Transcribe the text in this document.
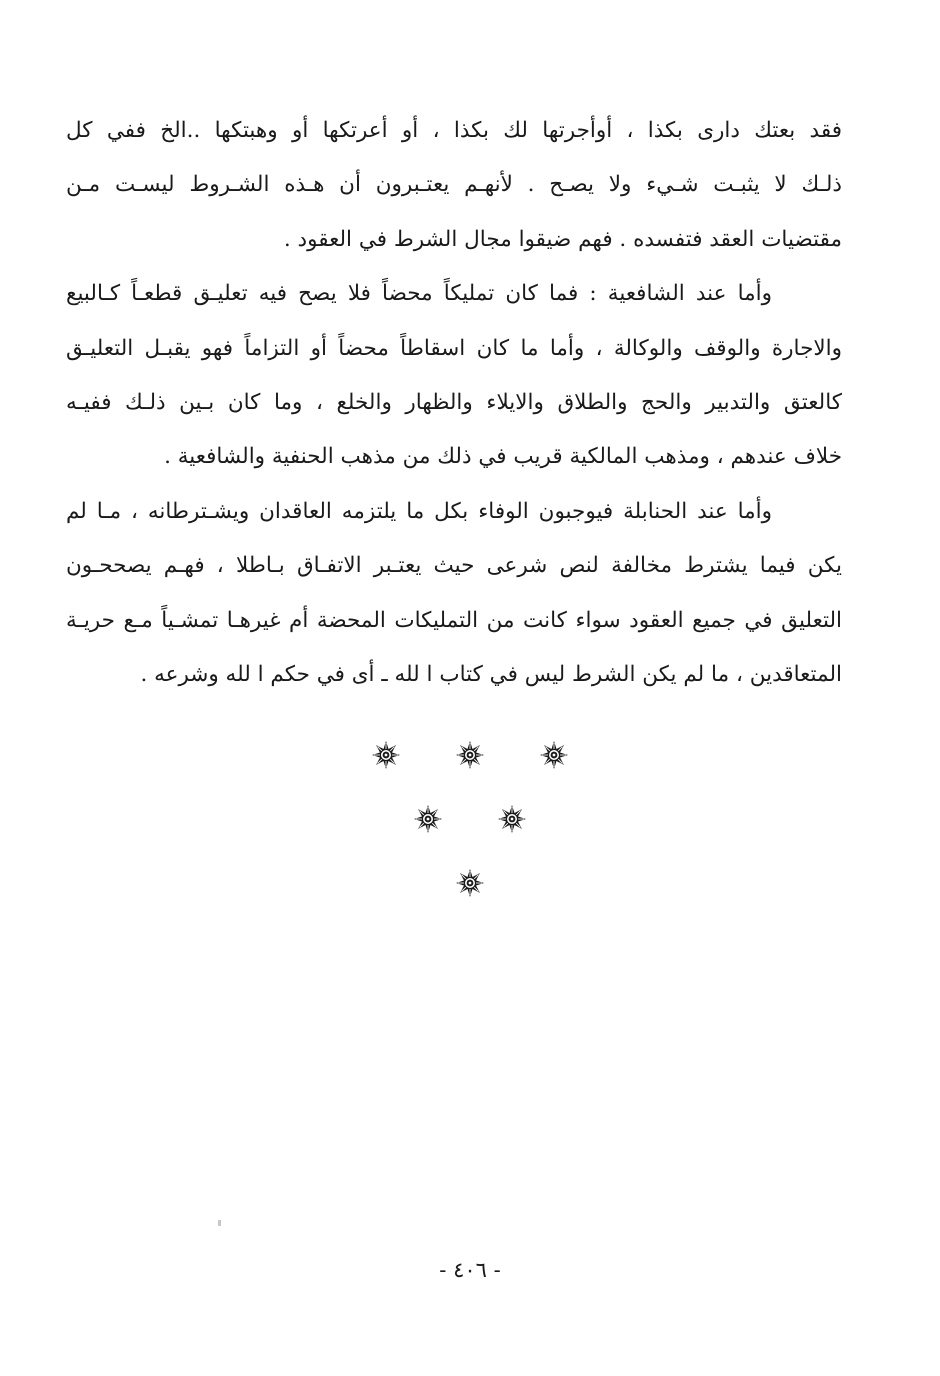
فقد بعتك دارى بكذا ، أوأجرتها لك بكذا ، أو أعرتكها أو وهبتكها ..الخ ففي كل
ذلـك لا يثبـت شـيء ولا يصـح . لأنهـم يعتـبرون أن هـذه الشـروط ليسـت مـن
مقتضيات العقد فتفسده . فهم ضيقوا مجال الشرط في العقود .
وأما عند الشافعية : فما كان تمليكاً محضاً فلا يصح فيه تعليـق قطعـاً كـالبيع
والاجارة والوقف والوكالة ، وأما ما كان اسقاطاً محضاً أو التزاماً فهو يقبـل التعليـق
كالعتق والتدبير والحج والطلاق والايلاء والظهار والخلع ، وما كان بـين ذلـك ففيـه
خلاف عندهم ، ومذهب المالكية قريب في ذلك من مذهب الحنفية والشافعية .
وأما عند الحنابلة فيوجبون الوفاء بكل ما يلتزمه العاقدان ويشـترطانه ، مـا لم
يكن فيما يشترط مخالفة لنص شرعى حيث يعتـبر الاتفـاق بـاطلا ، فهـم يصححـون
التعليق في جميع العقود سواء كانت من التمليكات المحضة أم غيرهـا تمشـياً مـع حريـة
المتعاقدين ، ما لم يكن الشرط ليس في كتاب ا لله ـ أى في حكم ا لله وشرعه .
- ٤٠٦ -
